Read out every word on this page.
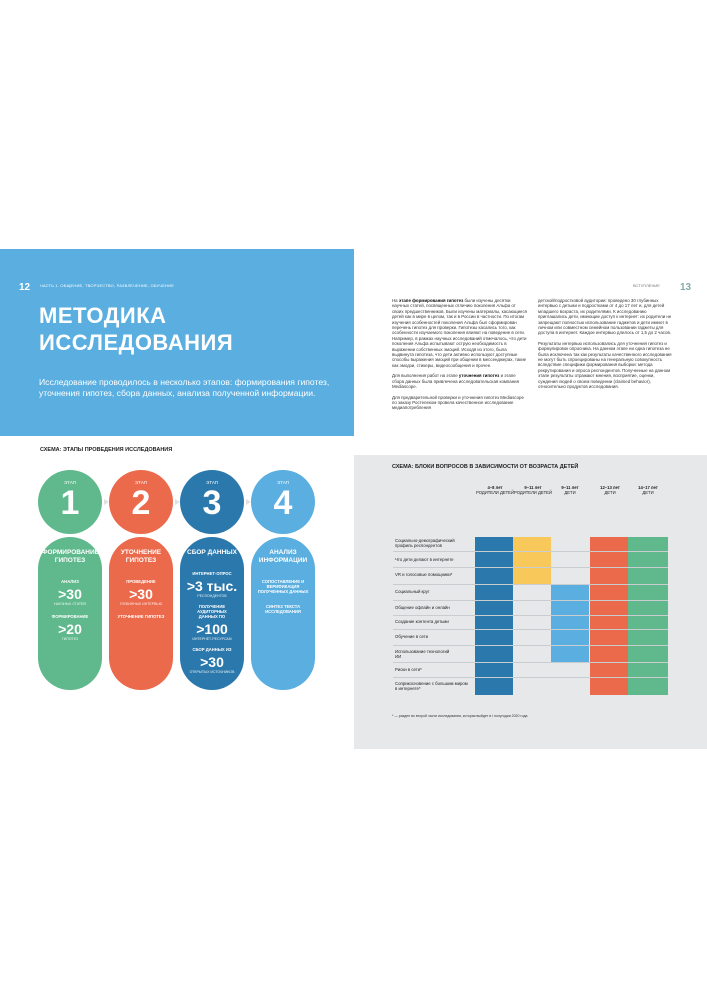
12 ЧАСТЬ 1. ОБЩЕНИЕ, ТВОРЧЕСТВО, РАЗВЛЕЧЕНИЕ, ОБУЧЕНИЕ
МЕТОДИКА
ИССЛЕДОВАНИЯ
Исследование проводилось в несколько этапов: формирования гипотез, уточнения гипотез, сбора данных, анализа полученной информации.
СХЕМА: ЭТАПЫ ПРОВЕДЕНИЯ ИССЛЕДОВАНИЯ
ЭТАП
1
ФОРМИРОВАНИЕ ГИПОТЕЗ
АНАЛИЗ
>30
НАУЧНЫХ СТАТЕЙ
ФОРМИРОВАНИЕ
>20
ГИПОТЕЗ
ЭТАП
2
УТОЧНЕНИЕ ГИПОТЕЗ
ПРОВЕДЕНИЕ
>30
ГЛУБИННЫХ ИНТЕРВЬЮ
УТОЧНЕНИЕ ГИПОТЕЗ
ЭТАП
3
СБОР ДАННЫХ
ИНТЕРНЕТ-ОПРОС
>3 тыс.
РЕСПОНДЕНТОВ
ПОЛУЧЕНИЕ АУДИТОРНЫХ ДАННЫХ ПО
>100
ИНТЕРНЕТ-РЕСУРСАМ
СБОР ДАННЫХ ИЗ
>30
ОТКРЫТЫХ ИСТОЧНИКОВ
ЭТАП
4
АНАЛИЗ ИНФОРМАЦИИ
СОПОСТАВЛЕНИЕ И ВЕРИФИКАЦИЯ ПОЛУЧЕННЫХ ДАННЫХ
СИНТЕЗ ТЕКСТА ИССЛЕДОВАНИЯ
ВСТУПЛЕНИЕ 13

На этапе формирования гипотез были изучены десятки научных статей, посвященных отличию поколения Альфа от своих предшественников. Были изучены материалы, касающиеся детей как в мире в целом, так и в России в частности. По итогам изучения особенностей поколения Альфа был сформирован перечень гипотез для проверки. Гипотезы касались того, как особенности изучаемого поколения влияют на поведение в сети. Например, в рамках научных исследований отмечалось, что дети поколения Альфа испытывают острую необходимость в выражении собственных эмоций. Исходя из этого, была выдвинута гипотеза, что дети активно используют доступные способы выражения эмоций при общении в мессенджерах, такие как эмодзи, стикеры, видеосообщения и прочее.

Для выполнения работ на этапе уточнения гипотез и этапе сбора данных была привлечена исследовательская компания Mediascope.

Для предварительной проверки и уточнения гипотез Mediascope по заказу Ростелеком провела качественное исследование медиапотребления

детской/подростковой аудитории: проведено 30 глубинных интервью с детьми и подростками от 4 до 17 лет и, для детей младшего возраста, их родителями. К исследованию приглашались дети, имеющие доступ к интернет: их родители не запрещают полностью использование гаджетов и дети имеют в личном или совместном семейном пользовании гаджеты для доступа в интернет. Каждое интервью длилось от 1,5 до 2 часов.

Результаты интервью использовались для уточнения гипотез и формулировок опросника. На данном этапе ни одна гипотеза не была исключена так как результаты качественного исследования не могут быть спроецированы на генеральную совокупность вследствие специфики формирования выборки: метода рекрутирования и опроса респондентов. Полученные на данном этапе результаты отражают мнения, восприятие, оценки, суждения людей о своем поведении (claimed behavior), относительно продуктов исследования.

СХЕМА: БЛОКИ ВОПРОСОВ В ЗАВИСИМОСТИ ОТ ВОЗРАСТА ДЕТЕЙ
4–8 лет
РОДИТЕЛИ ДЕТЕЙ
9–11 лет
РОДИТЕЛИ ДЕТЕЙ
9–11 лет
ДЕТИ
12–13 лет
ДЕТИ
14–17 лет
ДЕТИ
Социально-демографический профиль респондентов
Что дети делают в интернете
VR и голосовые помощники*
Социальный круг
Общение офлайн и онлайн
Создание контента детьми
Обучение в сети
Использование технологий ИИ
Риски в сети*
Соприкосновение с большим миром в интернете*
* — раздел во второй части исследования, которая выйдет в I полугодии 2020 года
